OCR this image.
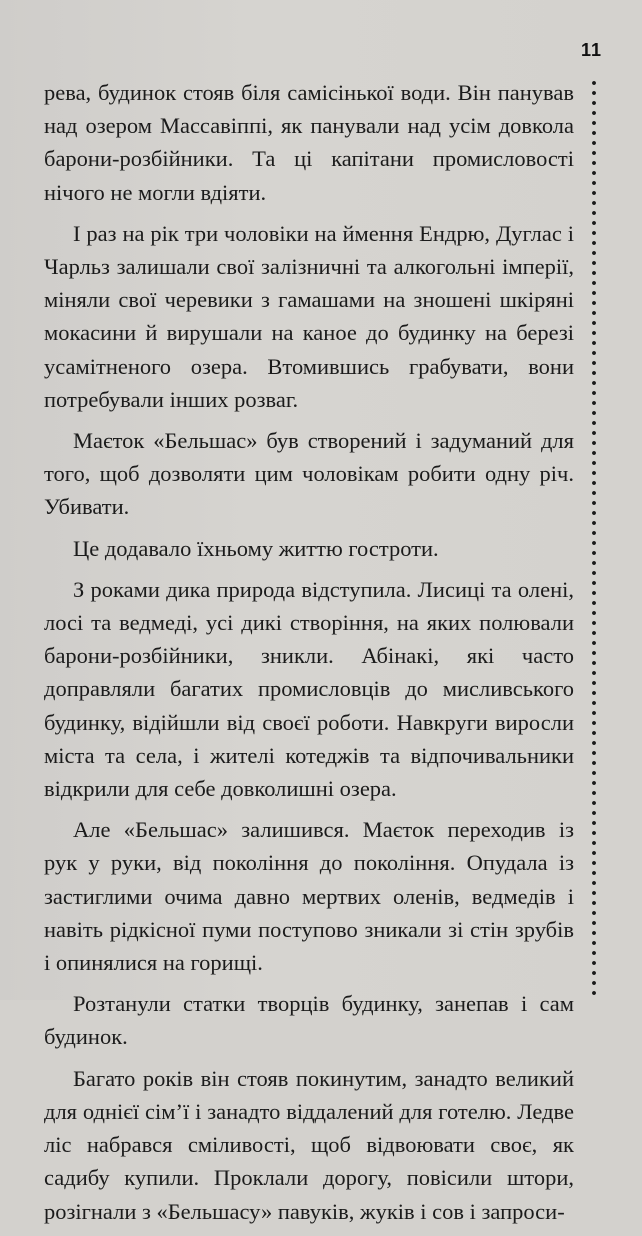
11

рева, будинок стояв біля самісінької води. Він панував над озером Массавіппі, як панували над усім довкола барони-розбійники. Та ці капітани промисловості нічого не могли вдіяти.

І раз на рік три чоловіки на ймення Ендрю, Дуглас і Чарльз залишали свої залізничні та алкогольні імперії, міняли свої черевики з гамашами на зношені шкіряні мокасини й вирушали на каное до будинку на березі усамітненого озера. Втомившись грабувати, вони потребували інших розваг.

Маєток «Бельшас» був створений і задуманий для того, щоб дозволяти цим чоловікам робити одну річ. Убивати.

Це додавало їхньому життю гостроти.

З роками дика природа відступила. Лисиці та олені, лосі та ведмеді, усі дикі створіння, на яких полювали барони-розбійники, зникли. Абінакі, які часто доправляли багатих промисловців до мисливського будинку, відійшли від своєї роботи. Навкруги виросли міста та села, і жителі котеджів та відпочивальники відкрили для себе довколишні озера.

Але «Бельшас» залишився. Маєток переходив із рук у руки, від покоління до покоління. Опудала із застиглими очима давно мертвих оленів, ведмедів і навіть рідкісної пуми поступово зникали зі стін зрубів і опинялися на горищі.

Розтанули статки творців будинку, занепав і сам будинок.

Багато років він стояв покинутим, занадто великий для однієї сім’ї і занадто віддалений для готелю. Ледве ліс набрався сміливості, щоб відвоювати своє, як садибу купили. Проклали дорогу, повісили штори, розігнали з «Бельшасу» павуків, жуків і сов і запроси-
